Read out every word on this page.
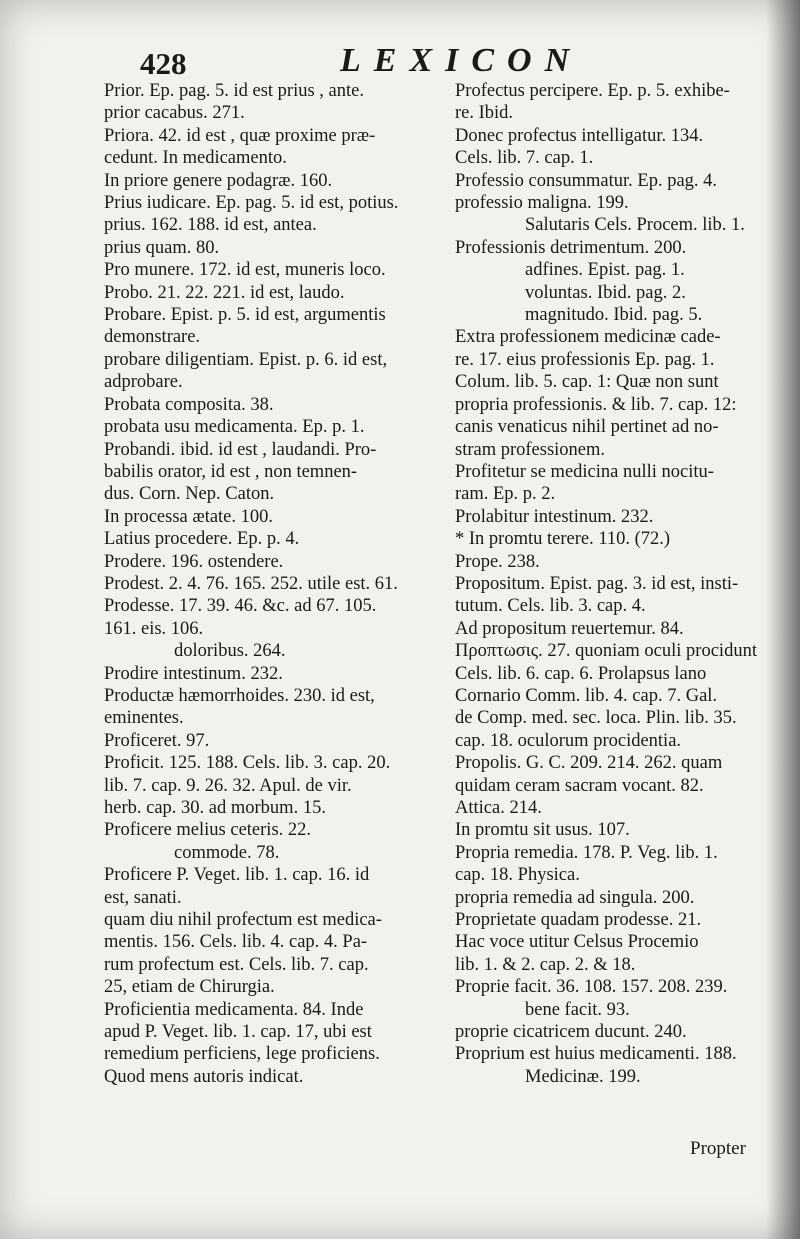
428	LEXICON

Prior. Ep. pag. 5. id est prius , ante.

prior cacabus. 271.

Priora. 42. id est , quæ proxime præ-
cedunt. In medicamento.

In priore genere podagræ. 160.

Prius iudicare. Ep. pag. 5. id est, potius.

prius. 162. 188. id est, antea.

prius quam. 80.

Pro munere. 172. id est, muneris loco.

Probo. 21. 22. 221. id est, laudo.

Probare. Epist. p. 5. id est, argumentis
demonstrare.

probare diligentiam. Epist. p. 6. id est,
adprobare.

Probata composita. 38.

probata usu medicamenta. Ep. p. 1.

Probandi. ibid. id est , laudandi. Pro-
babilis orator, id est , non temnen-
dus. Corn. Nep. Caton.

In processa ætate. 100.

Latius procedere. Ep. p. 4.

Prodere. 196. ostendere.

Prodest. 2. 4. 76. 165. 252. utile est. 61.

Prodesse. 17. 39. 46. &c. ad 67. 105.
161. eis. 106.

doloribus. 264.

Prodire intestinum. 232.

Productæ hæmorrhoides. 230. id est,
eminentes.

Proficeret. 97.

Proficit. 125. 188. Cels. lib. 3. cap. 20.
lib. 7. cap. 9. 26. 32. Apul. de vir.
herb. cap. 30. ad morbum. 15.

Proficere melius ceteris. 22.

commode. 78.

Proficere P. Veget. lib. 1. cap. 16. id
est, sanati.

quam diu nihil profectum est medica-
mentis. 156. Cels. lib. 4. cap. 4. Pa-
rum profectum est. Cels. lib. 7. cap.
25, etiam de Chirurgia.

Proficientia medicamenta. 84. Inde
apud P. Veget. lib. 1. cap. 17, ubi est
remedium perficiens, lege proficiens.
Quod mens autoris indicat.

Profectus percipere. Ep. p. 5. exhibe-
re. Ibid.

Donec profectus intelligatur. 134.
Cels. lib. 7. cap. 1.

Professio consummatur. Ep. pag. 4.

professio maligna. 199.

Salutaris Cels. Procem. lib. 1.

Professionis detrimentum. 200.

adfines. Epist. pag. 1.
voluntas. Ibid. pag. 2.
magnitudo. Ibid. pag. 5.

Extra professionem medicinæ cade-
re. 17. eius professionis Ep. pag. 1.
Colum. lib. 5. cap. 1: Quæ non sunt
propria professionis. & lib. 7. cap. 12:
canis venaticus nihil pertinet ad no-
stram professionem.

Profitetur se medicina nulli nocitu-
ram. Ep. p. 2.

Prolabitur intestinum. 232.

* In promtu terere. 110. (72.)

Prope. 238.

Propositum. Epist. pag. 3. id est, insti-
tutum. Cels. lib. 3. cap. 4.

Ad propositum reuertemur. 84.

Προπτωσις. 27. quoniam oculi procidunt
Cels. lib. 6. cap. 6. Prolapsus lano
Cornario Comm. lib. 4. cap. 7. Gal.
de Comp. med. sec. loca. Plin. lib. 35.
cap. 18. oculorum procidentia.

Propolis. G. C. 209. 214. 262. quam
quidam ceram sacram vocant. 82.
Attica. 214.

In promtu sit usus. 107.

Propria remedia. 178. P. Veg. lib. 1.
cap. 18. Physica.

propria remedia ad singula. 200.

Proprietate quadam prodesse. 21.
Hac voce utitur Celsus Procemio
lib. 1. & 2. cap. 2. & 18.

Proprie facit. 36. 108. 157. 208. 239.

bene facit. 93.

proprie cicatricem ducunt. 240.

Proprium est huius medicamenti. 188.

Medicinæ. 199.

Propter
